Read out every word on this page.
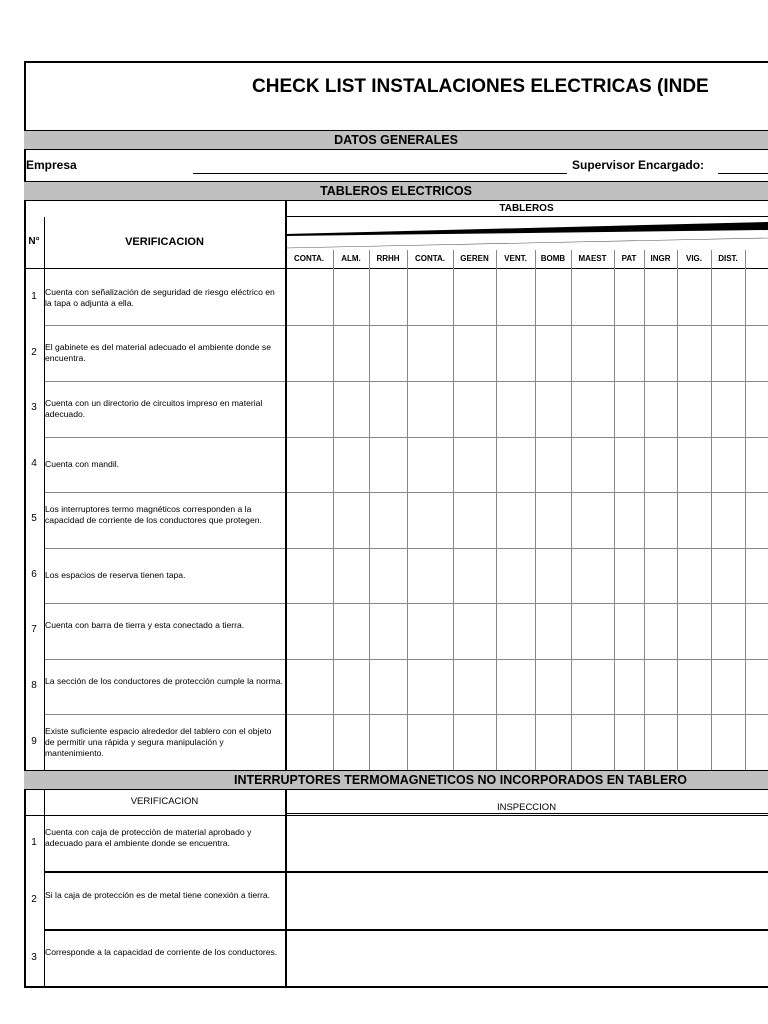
CHECK LIST INSTALACIONES ELECTRICAS (INDE
DATOS GENERALES
Empresa	Supervisor Encargado:
TABLEROS ELECTRICOS
TABLEROS
N°	VERIFICACION
CONTA.	ALM.	RRHH	CONTA.	GEREN	VENT.	BOMB	MAEST	PAT	INGR	VIG.	DIST.
1 Cuenta con señalización de seguridad de riesgo eléctrico en la tapa o adjunta a ella.
2 El gabinete es del material adecuado el ambiente donde se encuentra.
3 Cuenta con un directorio de circuitos impreso en material adecuado.
4 Cuenta con mandil.
5
Los interruptores termo magnéticos corresponden a la capacidad de corriente de los conductores que protegen.
6 Los espacios de reserva tienen tapa.
7 Cuenta con barra de tierra y esta conectado a tierra.
8 La sección de los conductores de protección cumple la norma.
9
Existe suficiente espacio alrededor del tablero con el objeto de permitir una rápida y segura manipulación y mantenimiento.
INTERRUPTORES TERMOMAGNETICOS NO INCORPORADOS EN TABLERO
VERIFICACION
INSPECCION
1
Cuenta con caja de protección de material aprobado y adecuado para el ambiente donde se encuentra.
2 Si la caja de protección es de metal tiene conexión a tierra.
3 Corresponde a la capacidad de corriente de los conductores.
